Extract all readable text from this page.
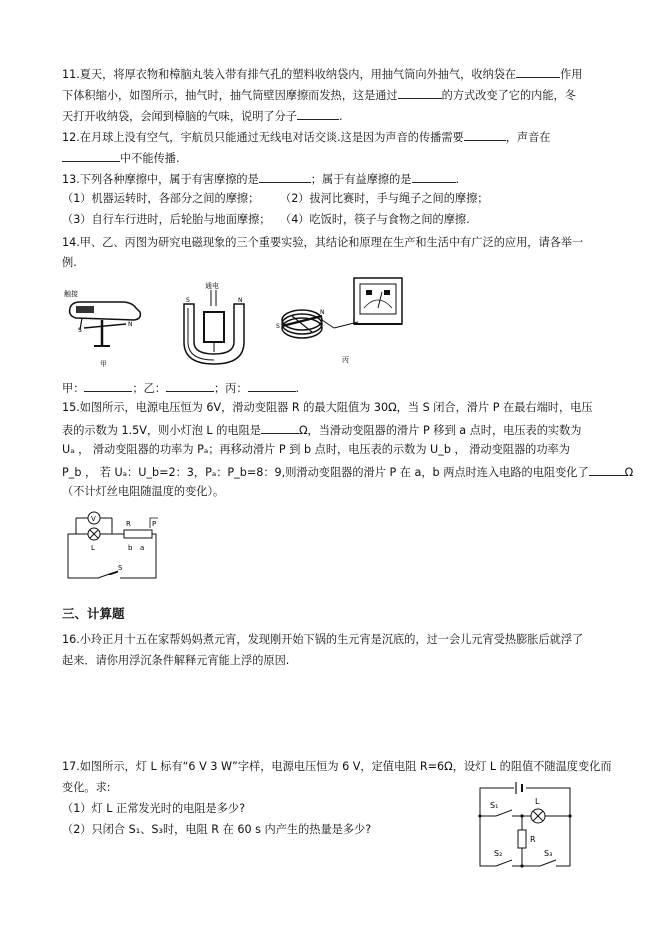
11.夏天，将厚衣物和樟脑丸装入带有排气孔的塑料收纳袋内，用抽气筒向外抽气，收纳袋在	作用
下体积缩小，如图所示，抽气时，抽气筒壁因摩擦而发热，这是通过	的方式改变了它的内能，冬
天打开收纳袋，会闻到樟脑的气味，说明了分子	.
12.在月球上没有空气，宇航员只能通过无线电对话交谈.这是因为声音的传播需要	，声音在
中不能传播.
13.下列各种摩擦中，属于有害摩擦的是	；属于有益摩擦的是	.
（1）机器运转时，各部分之间的摩擦； （2）拔河比赛时，手与绳子之间的摩擦；
（3）自行车行进时，后轮胎与地面摩擦； （4）吃饭时，筷子与食物之间的摩擦.
14.甲、乙、丙图为研究电磁现象的三个重要实验，其结论和原理在生产和生活中有广泛的应用，请各举一
例.
触接
S
N
甲
通电
S	N
S
N
丙
甲：	；乙：	；丙：	.
15.如图所示，电源电压恒为 6V，滑动变阻器 R 的最大阻值为 30Ω，当 S 闭合，滑片 P 在最右端时，电压
表的示数为 1.5V，则小灯泡 L 的电阻是	Ω，当滑动变阻器的滑片 P 移到 a 点时，电压表的实数为
Uₐ ， 滑动变阻器的功率为 Pₐ；再移动滑片 P 到 b 点时，电压表的示数为 U_b ， 滑动变阻器的功率为
P_b ， 若 Uₐ：U_b=2：3，Pₐ：P_b=8：9,则滑动变阻器的滑片 P 在 a，b 两点时连入电路的电阻变化了	Ω
（不计灯丝电阻随温度的变化）。
V
L
R	P
b a
S
三、计算题
16.小玲正月十五在家帮妈妈煮元宵，发现刚开始下锅的生元宵是沉底的，过一会儿元宵受热膨胀后就浮了
起来．请你用浮沉条件解释元宵能上浮的原因.
17.如图所示，灯 L 标有“6 V 3 W”字样，电源电压恒为 6 V，定值电阻 R=6Ω，设灯 L 的阻值不随温度变化而
变化。求:
（1）灯 L 正常发光时的电阻是多少?
（2）只闭合 S₁、S₃时，电阻 R 在 60 s 内产生的热量是多少?
S₁	L
R
S₂	S₃
